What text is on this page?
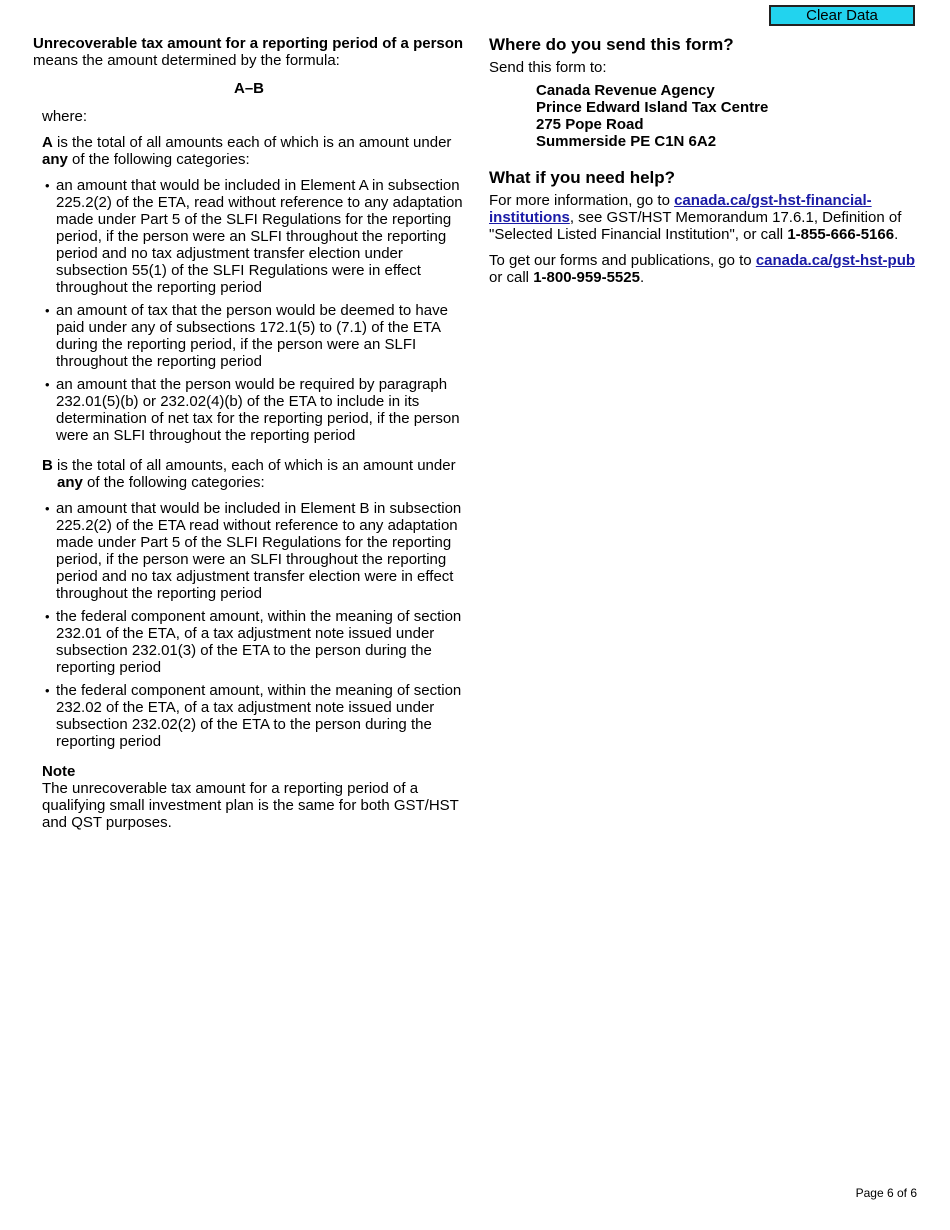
Clear Data

Unrecoverable tax amount for a reporting period of a person means the amount determined by the formula:

A–B

where:

A is the total of all amounts each of which is an amount under any of the following categories:

• an amount that would be included in Element A in subsection 225.2(2) of the ETA, read without reference to any adaptation made under Part 5 of the SLFI Regulations for the reporting period, if the person were an SLFI throughout the reporting period and no tax adjustment transfer election under subsection 55(1) of the SLFI Regulations were in effect throughout the reporting period
• an amount of tax that the person would be deemed to have paid under any of subsections 172.1(5) to (7.1) of the ETA during the reporting period, if the person were an SLFI throughout the reporting period
• an amount that the person would be required by paragraph 232.01(5)(b) or 232.02(4)(b) of the ETA to include in its determination of net tax for the reporting period, if the person were an SLFI throughout the reporting period

B is the total of all amounts, each of which is an amount under any of the following categories:

• an amount that would be included in Element B in subsection 225.2(2) of the ETA read without reference to any adaptation made under Part 5 of the SLFI Regulations for the reporting period, if the person were an SLFI throughout the reporting period and no tax adjustment transfer election were in effect throughout the reporting period
• the federal component amount, within the meaning of section 232.01 of the ETA, of a tax adjustment note issued under subsection 232.01(3) of the ETA to the person during the reporting period
• the federal component amount, within the meaning of section 232.02 of the ETA, of a tax adjustment note issued under subsection 232.02(2) of the ETA to the person during the reporting period
Note
The unrecoverable tax amount for a reporting period of a qualifying small investment plan is the same for both GST/HST and QST purposes.
Where do you send this form?
Send this form to:
Canada Revenue Agency
Prince Edward Island Tax Centre
275 Pope Road
Summerside PE C1N 6A2
What if you need help?

For more information, go to canada.ca/gst-hst-financial-institutions, see GST/HST Memorandum 17.6.1, Definition of "Selected Listed Financial Institution", or call 1-855-666-5166.

To get our forms and publications, go to canada.ca/gst-hst-pub or call 1-800-959-5525.

Page 6 of 6
